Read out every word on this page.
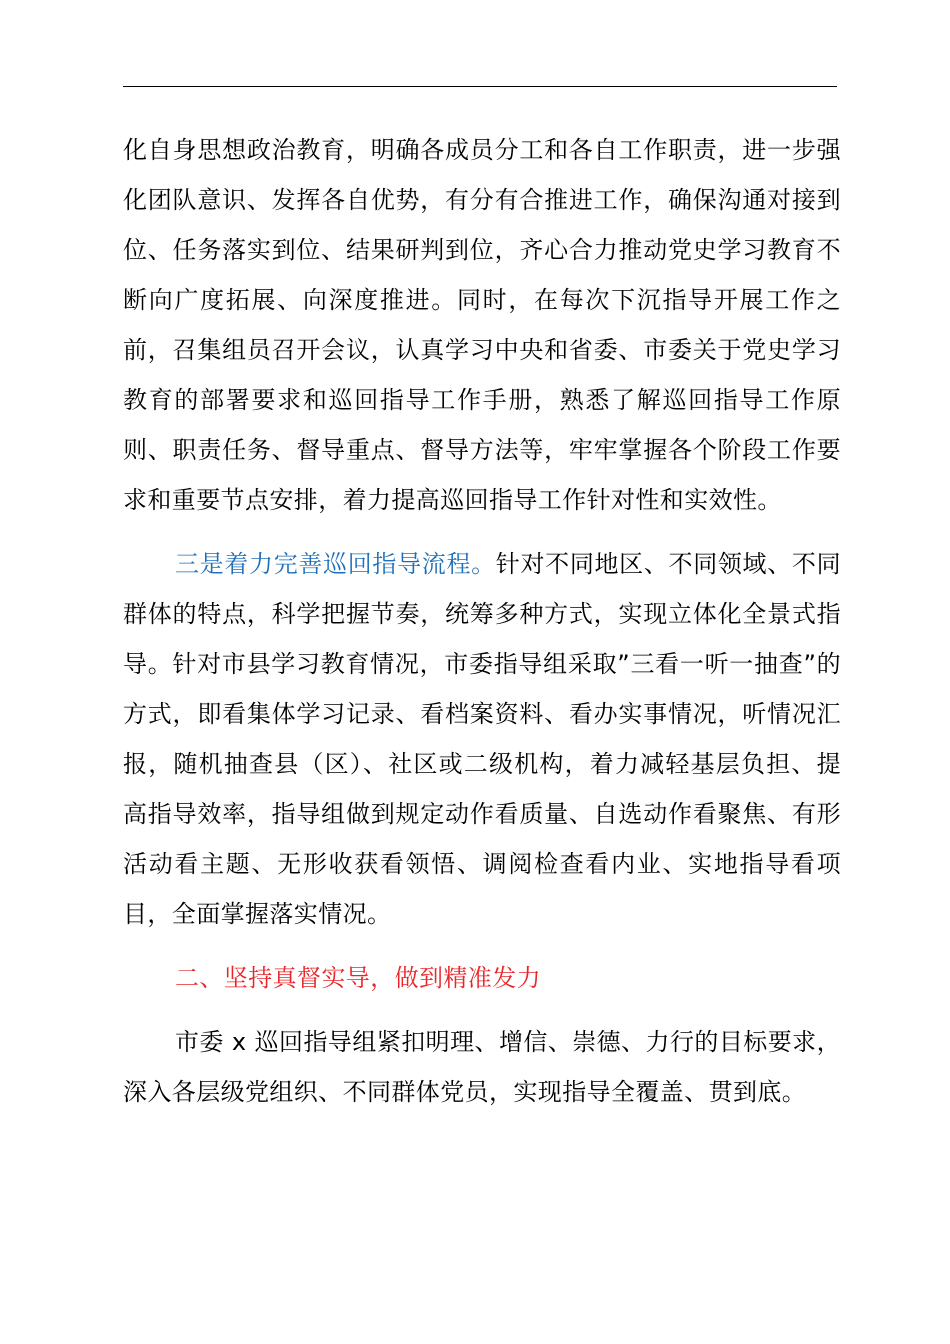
化自身思想政治教育，明确各成员分工和各自工作职责，进一步强化团队意识、发挥各自优势，有分有合推进工作，确保沟通对接到位、任务落实到位、结果研判到位，齐心合力推动党史学习教育不断向广度拓展、向深度推进。同时，在每次下沉指导开展工作之前，召集组员召开会议，认真学习中央和省委、市委关于党史学习教育的部署要求和巡回指导工作手册，熟悉了解巡回指导工作原则、职责任务、督导重点、督导方法等，牢牢掌握各个阶段工作要求和重要节点安排，着力提高巡回指导工作针对性和实效性。

三是着力完善巡回指导流程。针对不同地区、不同领域、不同群体的特点，科学把握节奏，统筹多种方式，实现立体化全景式指导。针对市县学习教育情况，市委指导组采取”三看一听一抽查”的方式，即看集体学习记录、看档案资料、看办实事情况，听情况汇报，随机抽查县（区）、社区或二级机构，着力减轻基层负担、提高指导效率，指导组做到规定动作看质量、自选动作看聚焦、有形活动看主题、无形收获看领悟、调阅检查看内业、实地指导看项目，全面掌握落实情况。

二、坚持真督实导，做到精准发力

市委 x 巡回指导组紧扣明理、增信、崇德、力行的目标要求，深入各层级党组织、不同群体党员，实现指导全覆盖、贯到底。
